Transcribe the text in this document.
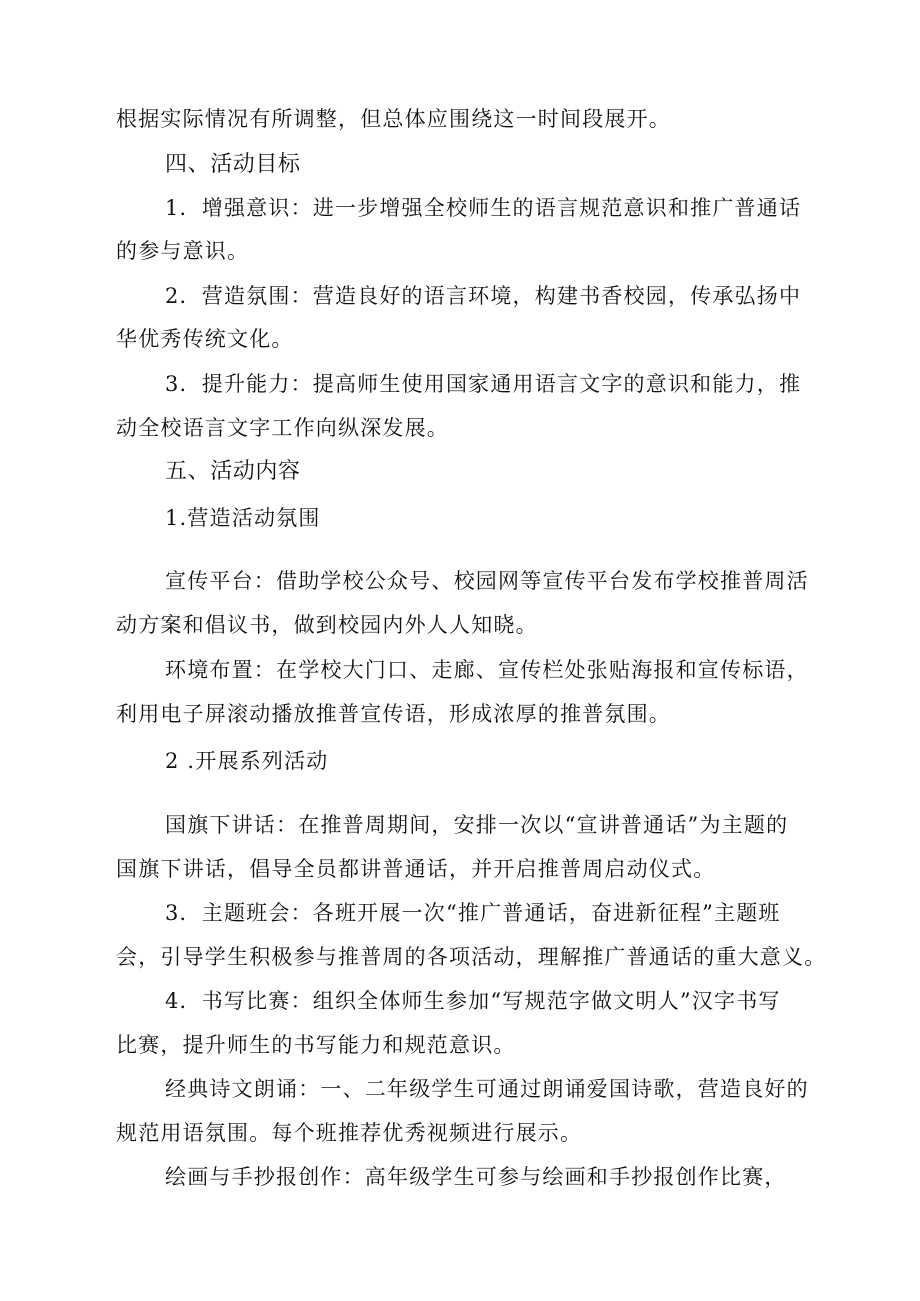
根据实际情况有所调整，但总体应围绕这一时间段展开。
四、活动目标
1．增强意识：进一步增强全校师生的语言规范意识和推广普通话
的参与意识。
2．营造氛围：营造良好的语言环境，构建书香校园，传承弘扬中
华优秀传统文化。
3．提升能力：提高师生使用国家通用语言文字的意识和能力，推
动全校语言文字工作向纵深发展。
五、活动内容
1.营造活动氛围
宣传平台：借助学校公众号、校园网等宣传平台发布学校推普周活
动方案和倡议书，做到校园内外人人知晓。
环境布置：在学校大门口、走廊、宣传栏处张贴海报和宣传标语，
利用电子屏滚动播放推普宣传语，形成浓厚的推普氛围。
2 .开展系列活动
国旗下讲话：在推普周期间，安排一次以“宣讲普通话”为主题的
国旗下讲话，倡导全员都讲普通话，并开启推普周启动仪式。
3．主题班会：各班开展一次“推广普通话，奋进新征程”主题班
会，引导学生积极参与推普周的各项活动，理解推广普通话的重大意义。
4．书写比赛：组织全体师生参加“写规范字做文明人”汉字书写
比赛，提升师生的书写能力和规范意识。
经典诗文朗诵：一、二年级学生可通过朗诵爱国诗歌，营造良好的
规范用语氛围。每个班推荐优秀视频进行展示。
绘画与手抄报创作：高年级学生可参与绘画和手抄报创作比赛，
